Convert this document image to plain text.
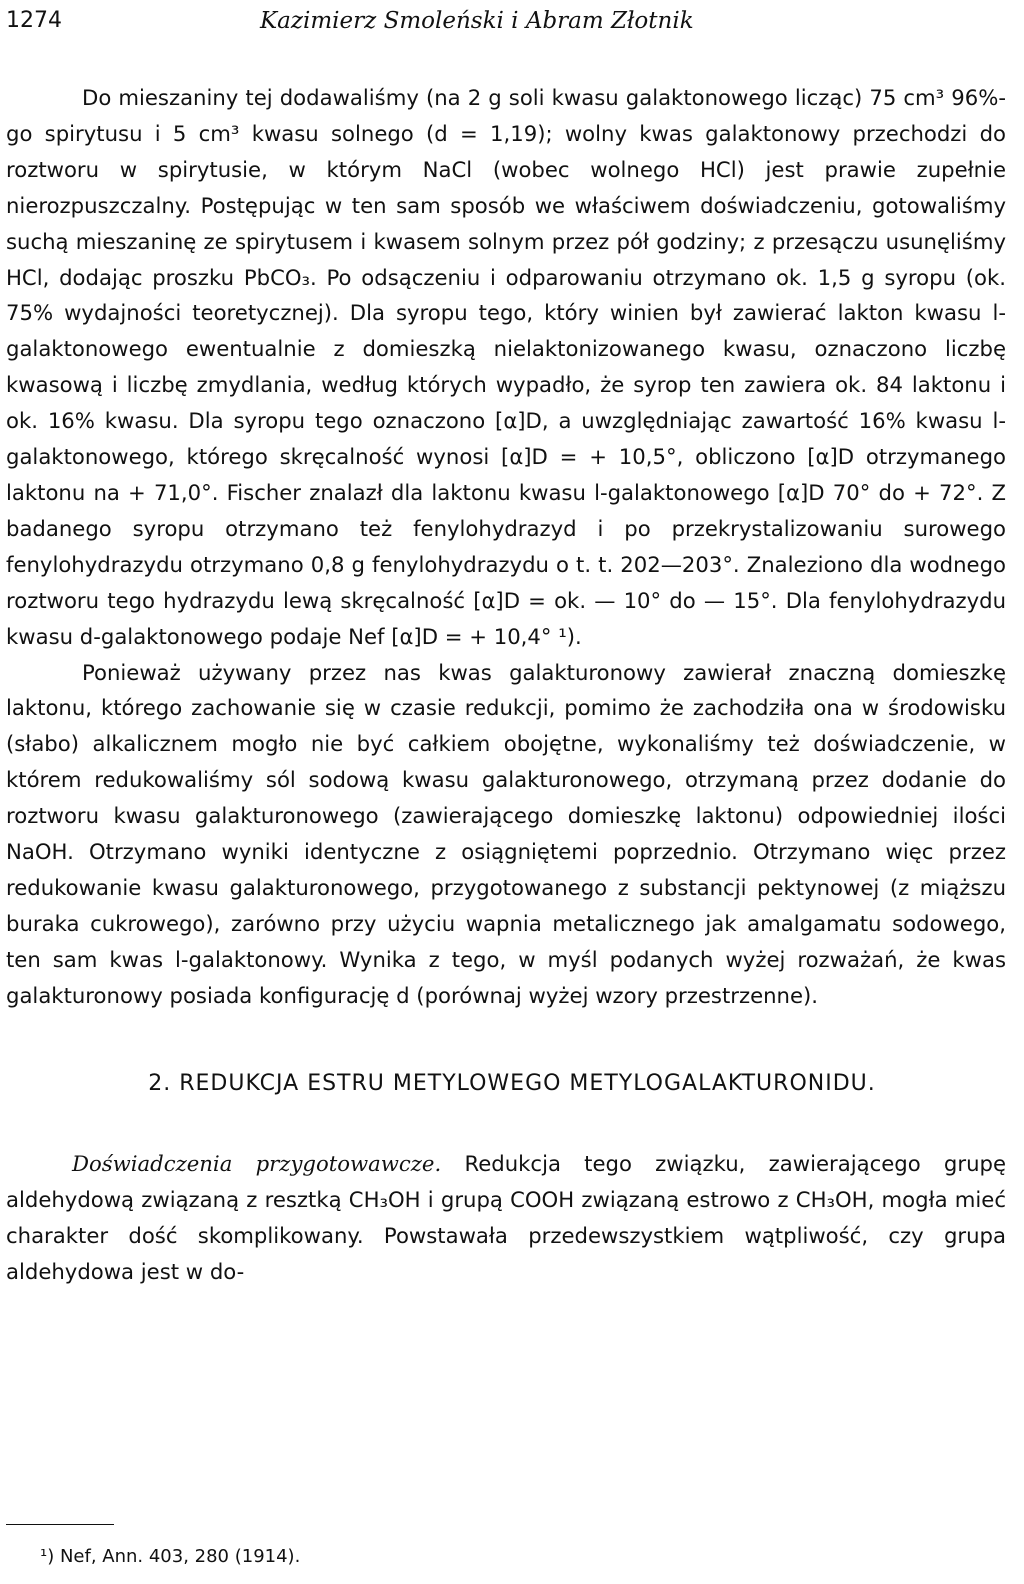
1274	Kazimierz Smoleński i Abram Złotnik

Do mieszaniny tej dodawaliśmy (na 2 g soli kwasu galaktonowego licząc) 75 cm³ 96%-go spirytusu i 5 cm³ kwasu solnego (d = 1,19); wolny kwas galaktonowy przechodzi do roztworu w spirytusie, w którym NaCl (wobec wolnego HCl) jest prawie zupełnie nierozpuszczalny. Postępując w ten sam sposób we właściwem doświadczeniu, gotowaliśmy suchą mieszaninę ze spirytusem i kwasem solnym przez pół godziny; z przesączu usunęliśmy HCl, dodając proszku PbCO₃. Po odsączeniu i odparowaniu otrzymano ok. 1,5 g syropu (ok. 75% wydajności teoretycznej). Dla syropu tego, który winien był zawierać lakton kwasu l-galaktonowego ewentualnie z domieszką nielaktonizowanego kwasu, oznaczono liczbę kwasową i liczbę zmydlania, według których wypadło, że syrop ten zawiera ok. 84 laktonu i ok. 16% kwasu. Dla syropu tego oznaczono [α]D, a uwzględniając zawartość 16% kwasu l-galaktonowego, którego skręcalność wynosi [α]D = + 10,5°, obliczono [α]D otrzymanego laktonu na + 71,0°. Fischer znalazł dla laktonu kwasu l-galaktonowego [α]D 70° do + 72°. Z badanego syropu otrzymano też fenylohydrazyd i po przekrystalizowaniu surowego fenylohydrazydu otrzymano 0,8 g fenylohydrazydu o t. t. 202—203°. Znaleziono dla wodnego roztworu tego hydrazydu lewą skręcalność [α]D = ok. — 10° do — 15°. Dla fenylohydrazydu kwasu d-galaktonowego podaje Nef [α]D = + 10,4° ¹).

Ponieważ używany przez nas kwas galakturonowy zawierał znaczną domieszkę laktonu, którego zachowanie się w czasie redukcji, pomimo że zachodziła ona w środowisku (słabo) alkalicznem mogło nie być całkiem obojętne, wykonaliśmy też doświadczenie, w którem redukowaliśmy sól sodową kwasu galakturonowego, otrzymaną przez dodanie do roztworu kwasu galakturonowego (zawierającego domieszkę laktonu) odpowiedniej ilości NaOH. Otrzymano wyniki identyczne z osiągniętemi poprzednio. Otrzymano więc przez redukowanie kwasu galakturonowego, przygotowanego z substancji pektynowej (z miąższu buraka cukrowego), zarówno przy użyciu wapnia metalicznego jak amalgamatu sodowego, ten sam kwas l-galaktonowy. Wynika z tego, w myśl podanych wyżej rozważań, że kwas galakturonowy posiada konfigurację d (porównaj wyżej wzory przestrzenne).

2. REDUKCJA ESTRU METYLOWEGO METYLOGALAKTURONIDU.

Doświadczenia przygotowawcze. Redukcja tego związku, zawierającego grupę aldehydową związaną z resztką CH₃OH i grupą COOH związaną estrowo z CH₃OH, mogła mieć charakter dość skomplikowany. Powstawała przedewszystkiem wątpliwość, czy grupa aldehydowa jest w do-

¹) Nef, Ann. 403, 280 (1914).
